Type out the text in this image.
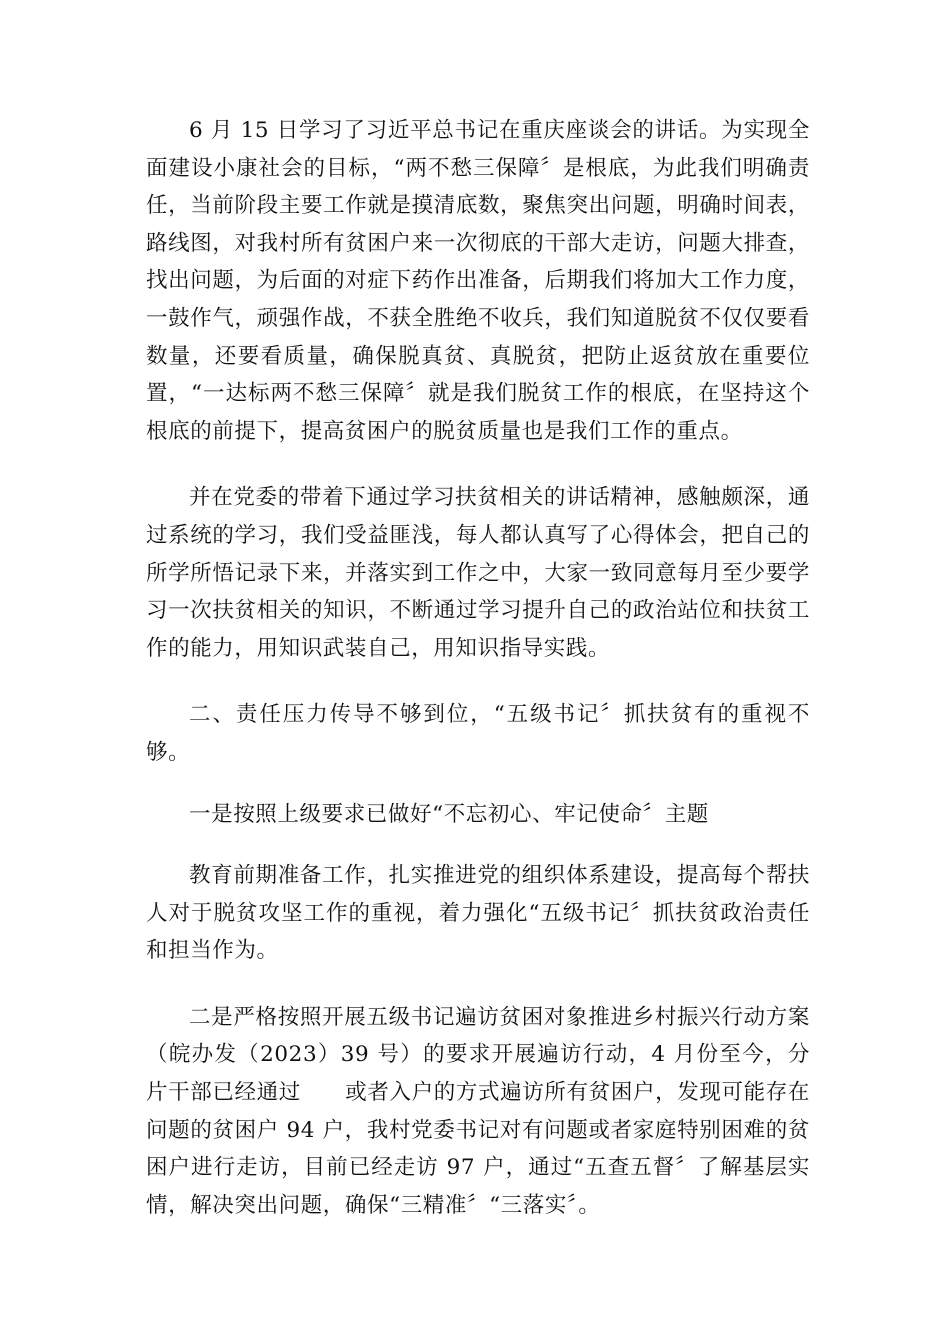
6 月 15 日学习了习近平总书记在重庆座谈会的讲话。为实现全面建设小康社会的目标，“两不愁三保障〞是根底，为此我们明确责任，当前阶段主要工作就是摸清底数，聚焦突出问题，明确时间表，路线图，对我村所有贫困户来一次彻底的干部大走访，问题大排查，找出问题，为后面的对症下药作出准备，后期我们将加大工作力度，一鼓作气，顽强作战，不获全胜绝不收兵，我们知道脱贫不仅仅要看数量，还要看质量，确保脱真贫、真脱贫，把防止返贫放在重要位置，“一达标两不愁三保障〞就是我们脱贫工作的根底，在坚持这个根底的前提下，提高贫困户的脱贫质量也是我们工作的重点。

并在党委的带着下通过学习扶贫相关的讲话精神，感触颇深，通过系统的学习，我们受益匪浅，每人都认真写了心得体会，把自己的所学所悟记录下来，并落实到工作之中，大家一致同意每月至少要学习一次扶贫相关的知识，不断通过学习提升自己的政治站位和扶贫工作的能力，用知识武装自己，用知识指导实践。

二、责任压力传导不够到位，“五级书记〞抓扶贫有的重视不够。

一是按照上级要求已做好“不忘初心、牢记使命〞主题

教育前期准备工作，扎实推进党的组织体系建设，提高每个帮扶人对于脱贫攻坚工作的重视，着力强化“五级书记〞抓扶贫政治责任和担当作为。

二是严格按照开展五级书记遍访贫困对象推进乡村振兴行动方案（皖办发（2023）39 号）的要求开展遍访行动，4 月份至今，分片干部已经通过　　或者入户的方式遍访所有贫困户，发现可能存在问题的贫困户 94 户，我村党委书记对有问题或者家庭特别困难的贫困户进行走访，目前已经走访 97 户，通过“五查五督〞了解基层实情，解决突出问题，确保“三精准〞“三落实〞。
